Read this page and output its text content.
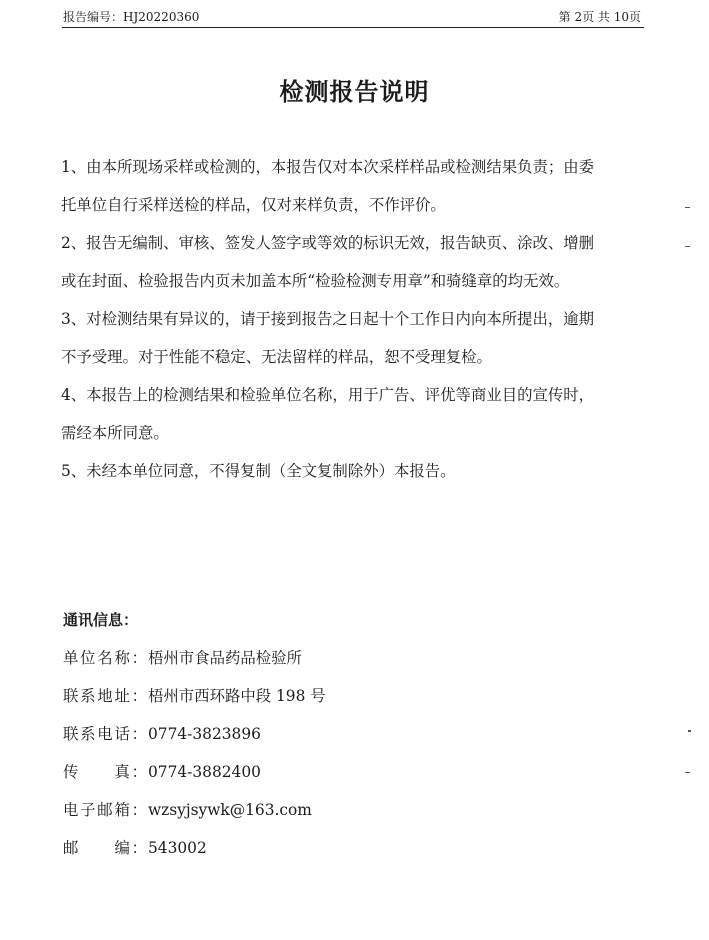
报告编号：HJ20220360	第 2页 共 10页
检测报告说明
1、由本所现场采样或检测的，本报告仅对本次采样样品或检测结果负责；由委
托单位自行采样送检的样品，仅对来样负责，不作评价。
2、报告无编制、审核、签发人签字或等效的标识无效，报告缺页、涂改、增删
或在封面、检验报告内页未加盖本所“检验检测专用章”和骑缝章的均无效。
3、对检测结果有异议的，请于接到报告之日起十个工作日内向本所提出，逾期
不予受理。对于性能不稳定、无法留样的样品，恕不受理复检。
4、本报告上的检测结果和检验单位名称，用于广告、评优等商业目的宣传时，
需经本所同意。
5、未经本单位同意，不得复制（全文复制除外）本报告。
通讯信息：
单位名称：梧州市食品药品检验所
联系地址：梧州市西环路中段 198 号
联系电话：0774-3823896
传　　真：0774-3882400
电子邮箱：wzsyjsywk@163.com
邮　　编：543002
